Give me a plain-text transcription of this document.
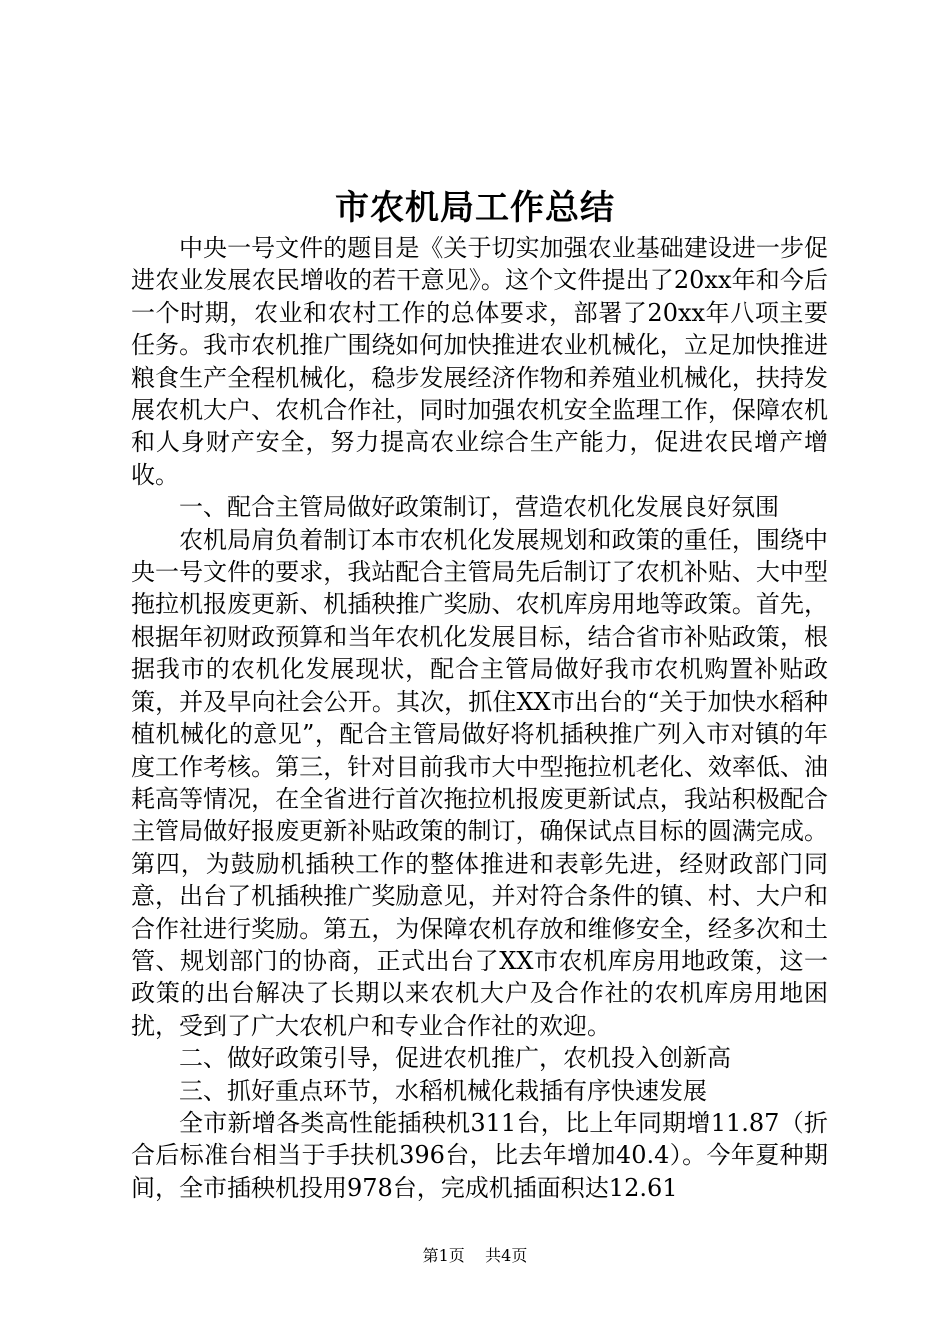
市农机局工作总结

中央一号文件的题目是《关于切实加强农业基础建设进一步促进农业发展农民增收的若干意见》。这个文件提出了20xx年和今后一个时期，农业和农村工作的总体要求，部署了20xx年八项主要任务。我市农机推广围绕如何加快推进农业机械化，立足加快推进粮食生产全程机械化，稳步发展经济作物和养殖业机械化，扶持发展农机大户、农机合作社，同时加强农机安全监理工作，保障农机和人身财产安全，努力提高农业综合生产能力，促进农民增产增收。

一、配合主管局做好政策制订，营造农机化发展良好氛围

农机局肩负着制订本市农机化发展规划和政策的重任，围绕中央一号文件的要求，我站配合主管局先后制订了农机补贴、大中型拖拉机报废更新、机插秧推广奖励、农机库房用地等政策。首先，根据年初财政预算和当年农机化发展目标，结合省市补贴政策，根据我市的农机化发展现状，配合主管局做好我市农机购置补贴政策，并及早向社会公开。其次，抓住XX市出台的“关于加快水稻种植机械化的意见”，配合主管局做好将机插秧推广列入市对镇的年度工作考核。第三，针对目前我市大中型拖拉机老化、效率低、油耗高等情况，在全省进行首次拖拉机报废更新试点，我站积极配合主管局做好报废更新补贴政策的制订，确保试点目标的圆满完成。第四，为鼓励机插秧工作的整体推进和表彰先进，经财政部门同意，出台了机插秧推广奖励意见，并对符合条件的镇、村、大户和合作社进行奖励。第五，为保障农机存放和维修安全，经多次和土管、规划部门的协商，正式出台了XX市农机库房用地政策，这一政策的出台解决了长期以来农机大户及合作社的农机库房用地困扰，受到了广大农机户和专业合作社的欢迎。

二、做好政策引导，促进农机推广，农机投入创新高

三、抓好重点环节，水稻机械化栽插有序快速发展

全市新增各类高性能插秧机311台，比上年同期增11.87（折合后标准台相当于手扶机396台，比去年增加40.4）。今年夏种期间，全市插秧机投用978台，完成机插面积达12.61

第1页 共4页
